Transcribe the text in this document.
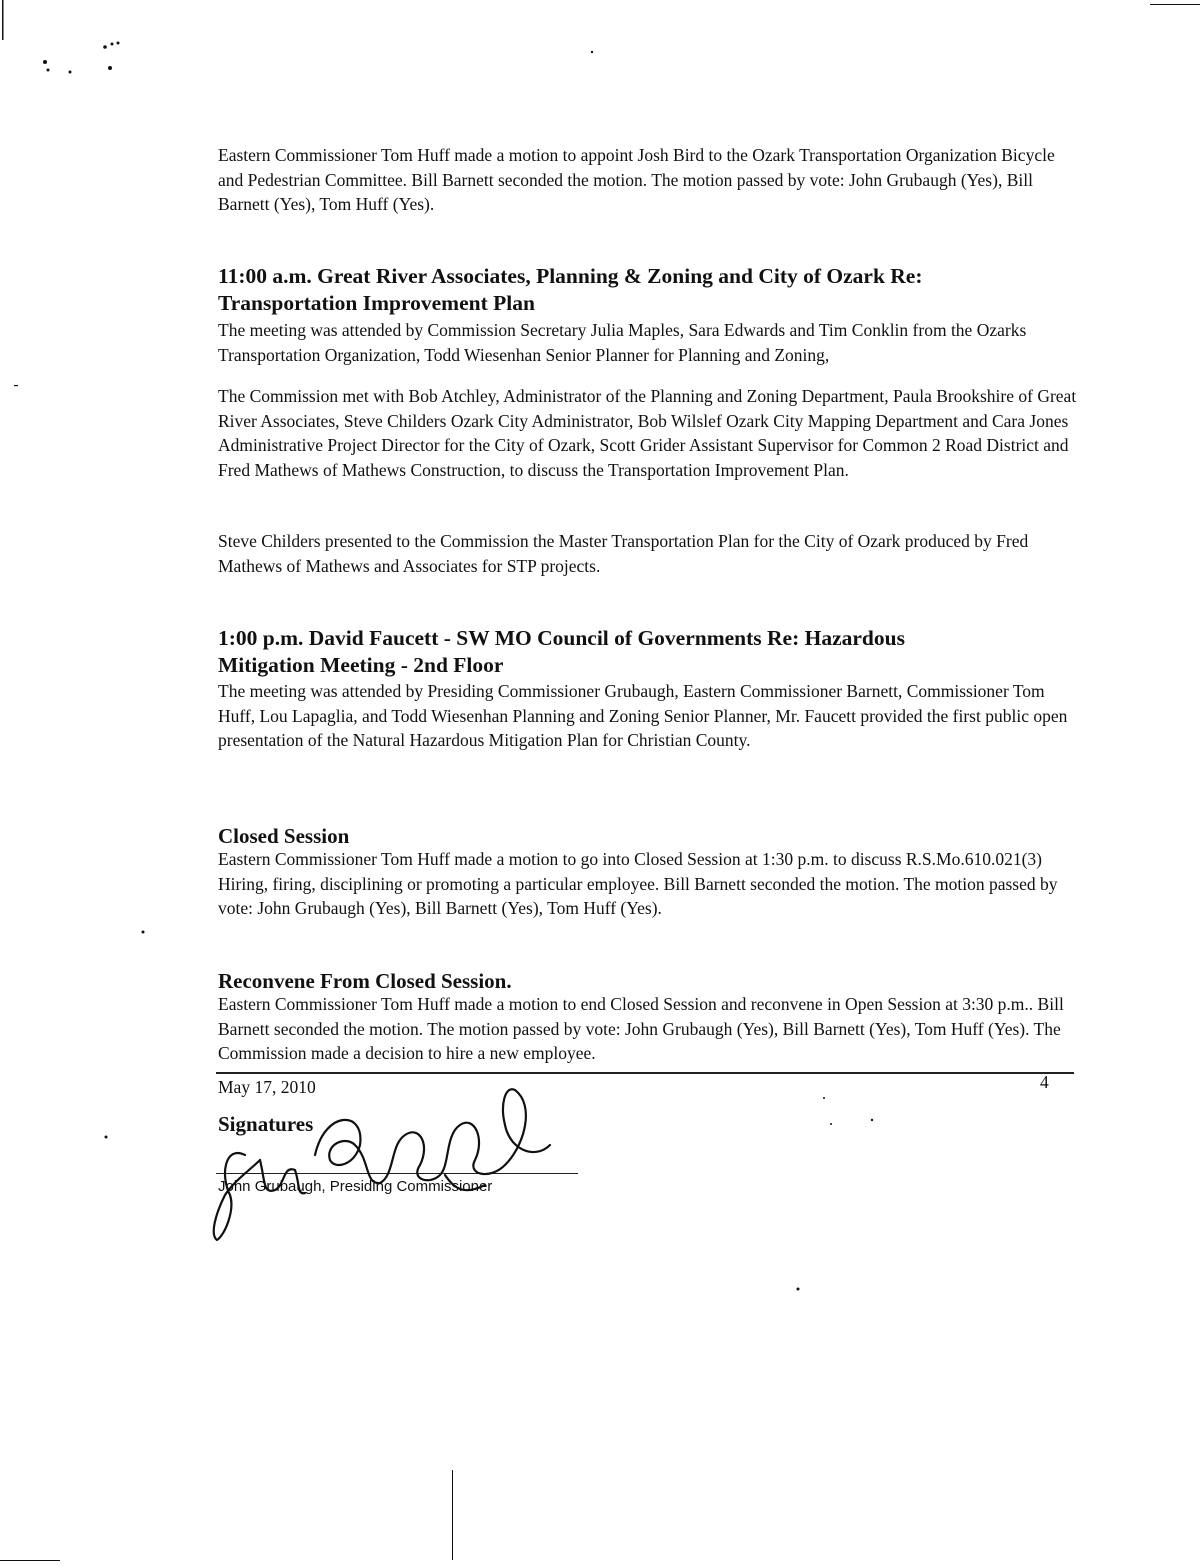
Eastern Commissioner Tom Huff made a motion to appoint Josh Bird to the Ozark Transportation Organization Bicycle and Pedestrian Committee. Bill Barnett seconded the motion. The motion passed by vote: John Grubaugh (Yes), Bill Barnett (Yes), Tom Huff (Yes).

11:00 a.m. Great River Associates, Planning & Zoning and City of Ozark Re:
Transportation Improvement Plan

The meeting was attended by Commission Secretary Julia Maples, Sara Edwards and Tim Conklin from the Ozarks Transportation Organization, Todd Wiesenhan Senior Planner for Planning and Zoning,

The Commission met with Bob Atchley, Administrator of the Planning and Zoning Department, Paula Brookshire of Great River Associates, Steve Childers Ozark City Administrator, Bob Wilslef Ozark City Mapping Department and Cara Jones Administrative Project Director for the City of Ozark, Scott Grider Assistant Supervisor for Common 2 Road District and Fred Mathews of Mathews Construction, to discuss the Transportation Improvement Plan.

Steve Childers presented to the Commission the Master Transportation Plan for the City of Ozark produced by Fred Mathews of Mathews and Associates for STP projects.

1:00 p.m. David Faucett - SW MO Council of Governments Re: Hazardous
Mitigation Meeting - 2nd Floor

The meeting was attended by Presiding Commissioner Grubaugh, Eastern Commissioner Barnett, Commissioner Tom Huff, Lou Lapaglia, and Todd Wiesenhan Planning and Zoning Senior Planner, Mr. Faucett provided the first public open presentation of the Natural Hazardous Mitigation Plan for Christian County.

Closed Session

Eastern Commissioner Tom Huff made a motion to go into Closed Session at 1:30 p.m. to discuss R.S.Mo.610.021(3) Hiring, firing, disciplining or promoting a particular employee. Bill Barnett seconded the motion. The motion passed by vote: John Grubaugh (Yes), Bill Barnett (Yes), Tom Huff (Yes).

Reconvene From Closed Session.

Eastern Commissioner Tom Huff made a motion to end Closed Session and reconvene in Open Session at 3:30 p.m.. Bill Barnett seconded the motion. The motion passed by vote: John Grubaugh (Yes), Bill Barnett (Yes), Tom Huff (Yes). The Commission made a decision to hire a new employee.

Signatures
John Grubaugh, Presiding Commissioner
May 17, 2010	4
